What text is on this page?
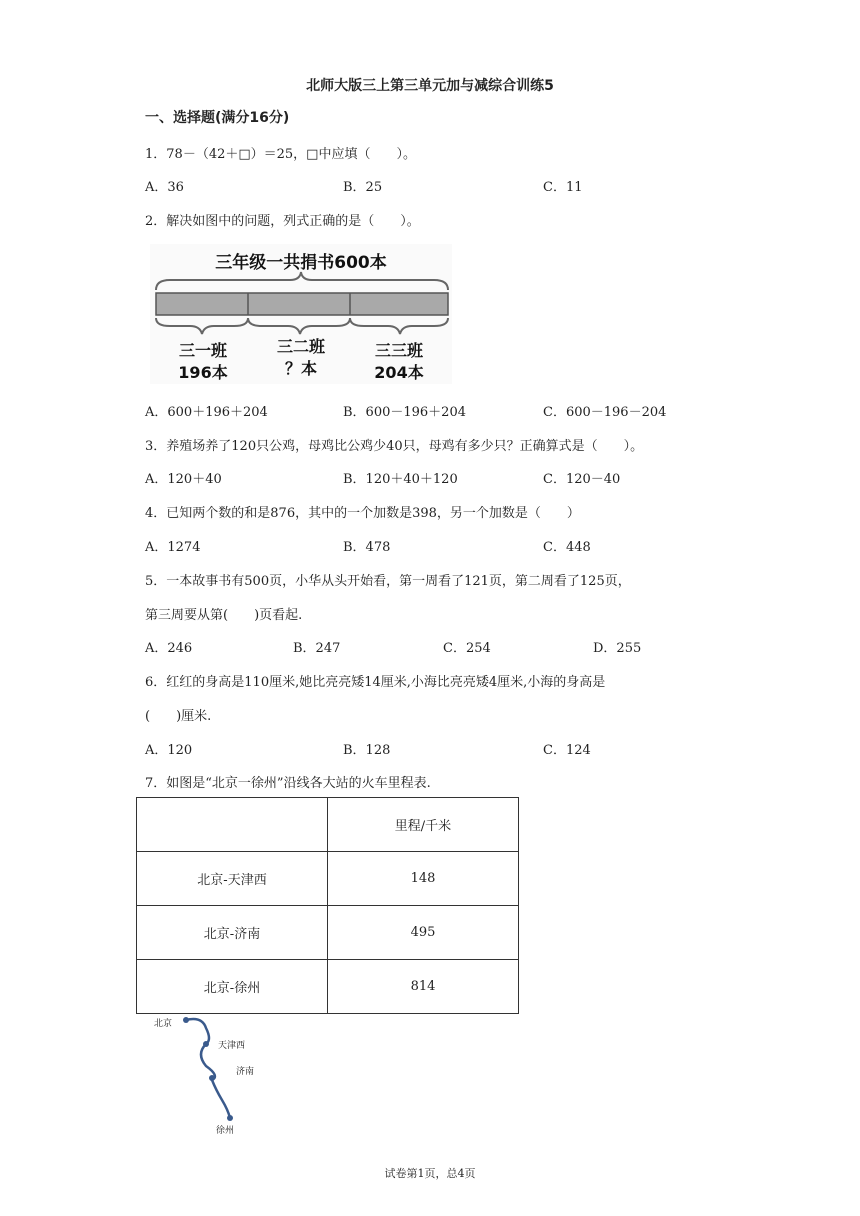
北师大版三上第三单元加与减综合训练5
一、选择题(满分16分)
1．78－（42＋□）＝25，□中应填（　　）。
A．36	B．25	C．11
2．解决如图中的问题，列式正确的是（　　）。
三年级一共捐书600本
三一班
196本
三二班
？本
三三班
204本
A．600＋196＋204	B．600－196＋204	C．600－196－204
3．养殖场养了120只公鸡，母鸡比公鸡少40只，母鸡有多少只？正确算式是（　　）。
A．120＋40	B．120＋40＋120	C．120－40
4．已知两个数的和是876，其中的一个加数是398，另一个加数是（　　）
A．1274	B．478	C．448
5．一本故事书有500页，小华从头开始看，第一周看了121页，第二周看了125页，
第三周要从第(　　)页看起.
A．246	B．247	C．254	D．255
6．红红的身高是110厘米,她比亮亮矮14厘米,小海比亮亮矮4厘米,小海的身高是
(　　)厘米.
A．120	B．128	C．124
7．如图是“北京一徐州”沿线各大站的火车里程表.
	里程/千米
北京-天津西	148
北京-济南	495
北京-徐州	814
北京
天津西
济南
徐州
试卷第1页，总4页
